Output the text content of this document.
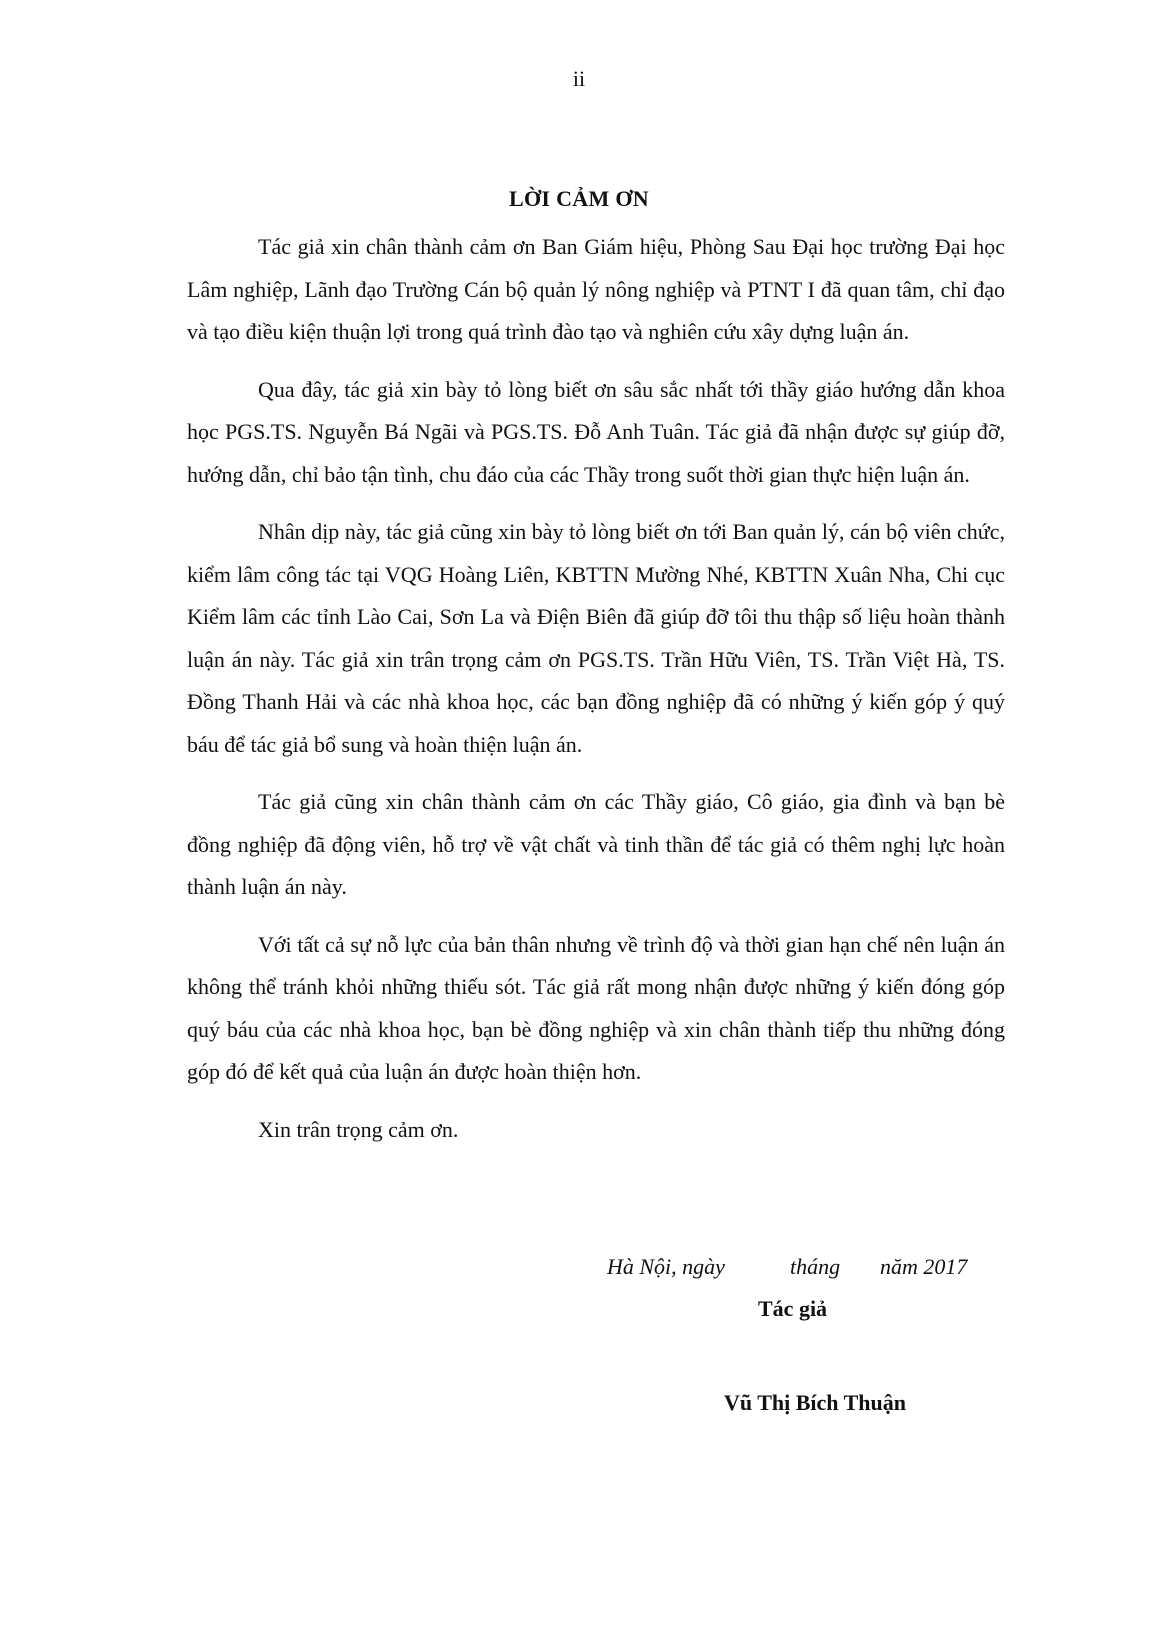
ii
LỜI CẢM ƠN

Tác giả xin chân thành cảm ơn Ban Giám hiệu, Phòng Sau Đại học trường Đại học Lâm nghiệp, Lãnh đạo Trường Cán bộ quản lý nông nghiệp và PTNT I đã quan tâm, chỉ đạo và tạo điều kiện thuận lợi trong quá trình đào tạo và nghiên cứu xây dựng luận án.

Qua đây, tác giả xin bày tỏ lòng biết ơn sâu sắc nhất tới thầy giáo hướng dẫn khoa học PGS.TS. Nguyễn Bá Ngãi và PGS.TS. Đỗ Anh Tuân. Tác giả đã nhận được sự giúp đỡ, hướng dẫn, chỉ bảo tận tình, chu đáo của các Thầy trong suốt thời gian thực hiện luận án.

Nhân dịp này, tác giả cũng xin bày tỏ lòng biết ơn tới Ban quản lý, cán bộ viên chức, kiểm lâm công tác tại VQG Hoàng Liên, KBTTN Mường Nhé, KBTTN Xuân Nha, Chi cục Kiểm lâm các tỉnh Lào Cai, Sơn La và Điện Biên đã giúp đỡ tôi thu thập số liệu hoàn thành luận án này. Tác giả xin trân trọng cảm ơn PGS.TS. Trần Hữu Viên, TS. Trần Việt Hà, TS. Đồng Thanh Hải và các nhà khoa học, các bạn đồng nghiệp đã có những ý kiến góp ý quý báu để tác giả bổ sung và hoàn thiện luận án.

Tác giả cũng xin chân thành cảm ơn các Thầy giáo, Cô giáo, gia đình và bạn bè đồng nghiệp đã động viên, hỗ trợ về vật chất và tinh thần để tác giả có thêm nghị lực hoàn thành luận án này.

Với tất cả sự nỗ lực của bản thân nhưng về trình độ và thời gian hạn chế nên luận án không thể tránh khỏi những thiếu sót. Tác giả rất mong nhận được những ý kiến đóng góp quý báu của các nhà khoa học, bạn bè đồng nghiệp và xin chân thành tiếp thu những đóng góp đó để kết quả của luận án được hoàn thiện hơn.

Xin trân trọng cảm ơn.

Hà Nội, ngày	tháng năm 2017
Tác giả
Vũ Thị Bích Thuận
